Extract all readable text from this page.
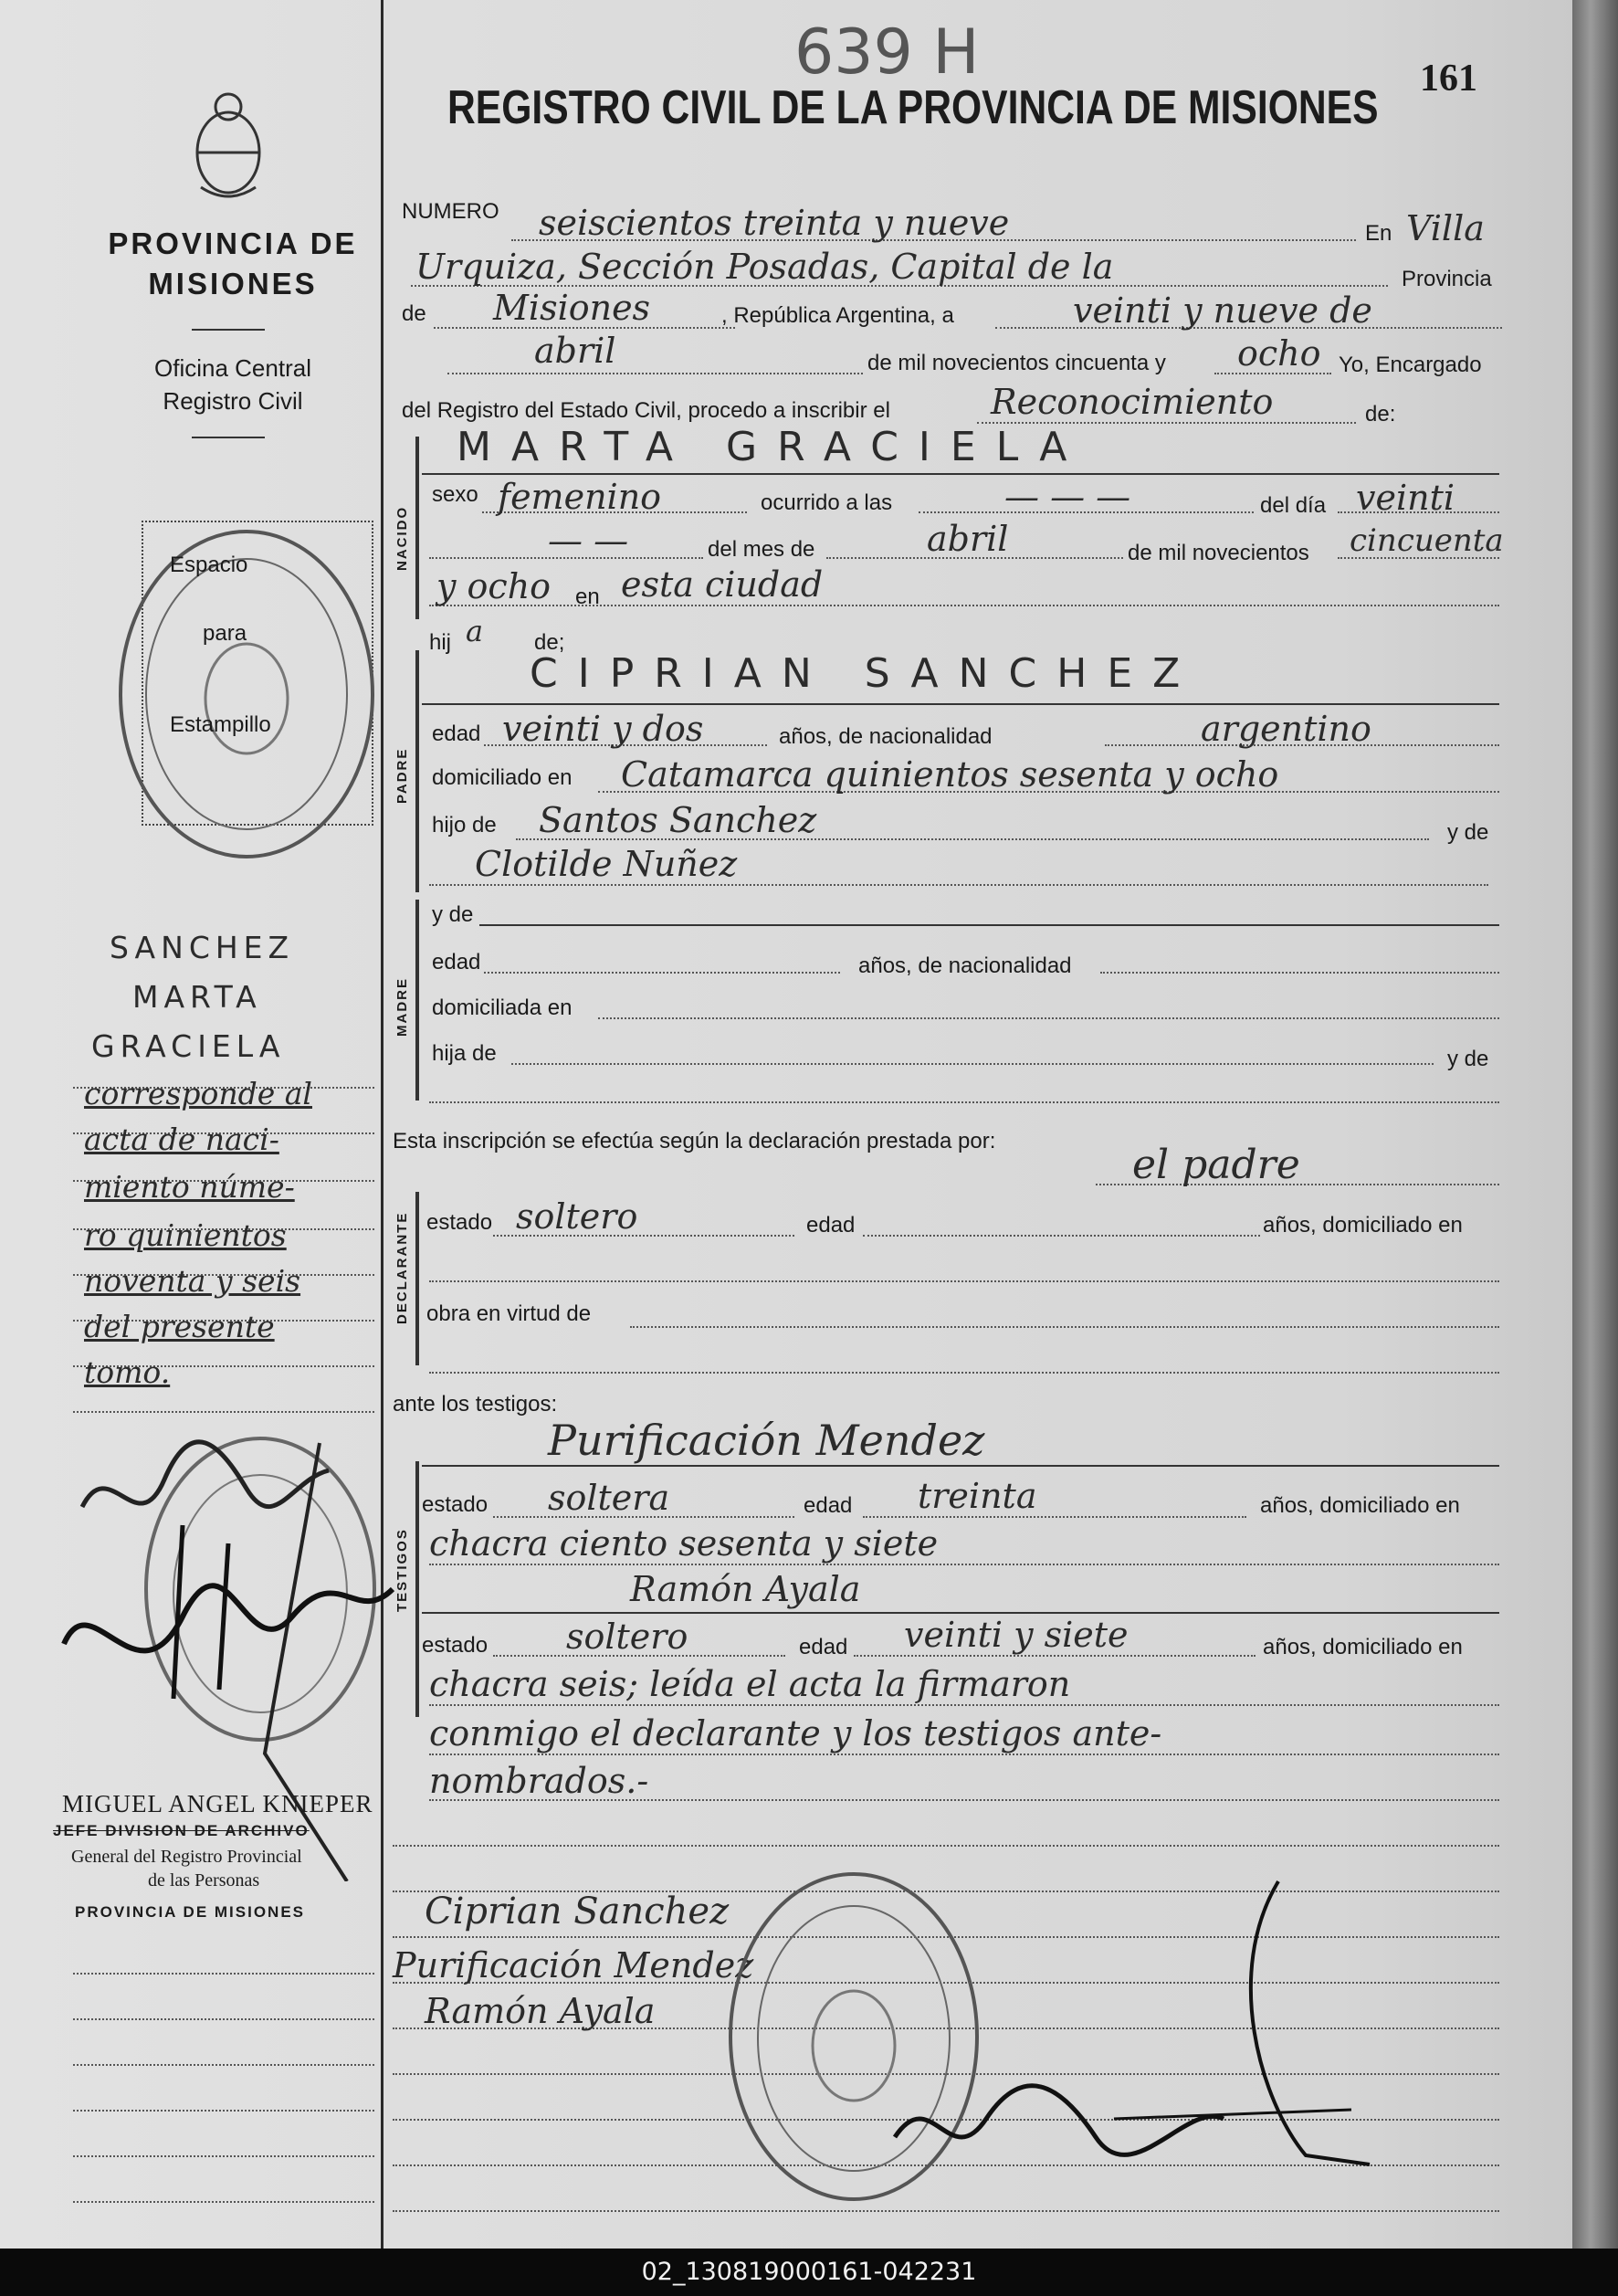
639 H	161
REGISTRO CIVIL DE LA PROVINCIA DE MISIONES
PROVINCIA DE
MISIONES
Oficina Central
Registro Civil
Espacio
para
Estampillo
SANCHEZ
MARTA
GRACIELA
corresponde al
acta de naci-
miento núme-
ro quinientos
noventa y seis
del presente
tomo.
MIGUEL ANGEL KNIEPER
JEFE DIVISION DE ARCHIVO
General del Registro Provincial
de las Personas
PROVINCIA DE MISIONES
NUMERO seiscientos treinta y nueve	En Villa
Urquiza, Sección Posadas, Capital de la	Provincia
de Misiones	, República Argentina, a	veinti y nueve de
abril	de mil novecientos cincuenta y ocho Yo, Encargado
del Registro del Estado Civil, procedo a inscribir el	Reconocimiento	de:
NACIDO
MARTA GRACIELA
sexo femenino	ocurrido a las	— — —	del día veinti
— —	del mes de	abril	de mil novecientos cincuenta
y ocho en esta ciudad
hij a de;
PADRE
CIPRIAN SANCHEZ
edad veinti y dos	años, de nacionalidad	argentino
domiciliado en Catamarca quinientos sesenta y ocho
hijo de Santos Sanchez	y de
Clotilde Nuñez
MADRE
y de
edad	años, de nacionalidad
domiciliada en
hija de	y de
Esta inscripción se efectúa según la declaración prestada por:
el padre
DECLARANTE estado soltero	edad	años, domiciliado en
obra en virtud de
ante los testigos:
Purificación Mendez
TESTIGOS
estado soltera	edad treinta	años, domiciliado en
chacra ciento sesenta y siete
Ramón Ayala
estado soltero	edad veinti y siete	años, domiciliado en
chacra seis; leída el acta la firmaron
conmigo el declarante y los testigos ante-
nombrados.-
Ciprian Sanchez
Purificación Mendez
Ramón Ayala
02_130819000161-042231
